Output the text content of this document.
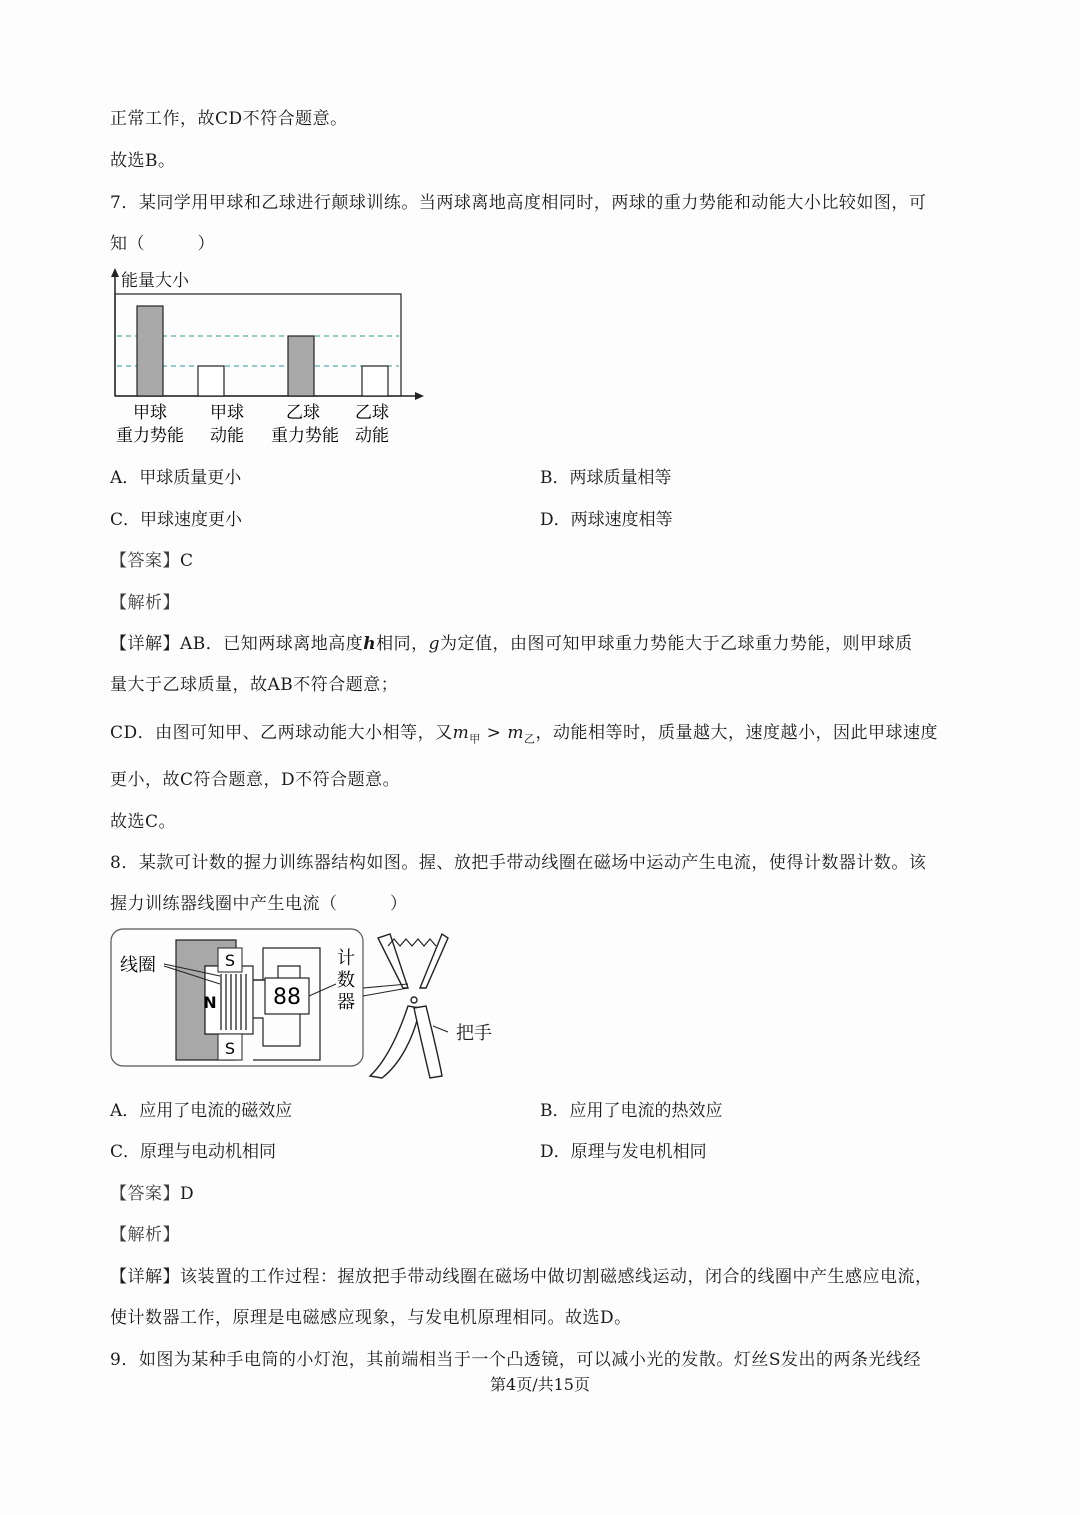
正常工作，故CD不符合题意。
故选B。
7．某同学用甲球和乙球进行颠球训练。当两球离地高度相同时，两球的重力势能和动能大小比较如图，可
知（　　　）
能量大小
甲球
重力势能
甲球
动能
乙球
重力势能
乙球
动能
A．甲球质量更小	B．两球质量相等
C．甲球速度更小	D．两球速度相等
【答案】C
【解析】
【详解】AB．已知两球离地高度h相同，g为定值，由图可知甲球重力势能大于乙球重力势能，则甲球质
量大于乙球质量，故AB不符合题意；
CD．由图可知甲、乙两球动能大小相等，又$m_甲 > m_乙$，动能相等时，质量越大，速度越小，因此甲球速度
更小，故C符合题意，D不符合题意。
故选C。
8．某款可计数的握力训练器结构如图。握、放把手带动线圈在磁场中运动产生电流，使得计数器计数。该
握力训练器线圈中产生电流（　　　）
S
N
S
线圈
88
计
数
器
把手
A．应用了电流的磁效应	B．应用了电流的热效应
C．原理与电动机相同	D．原理与发电机相同
【答案】D
【解析】
【详解】该装置的工作过程：握放把手带动线圈在磁场中做切割磁感线运动，闭合的线圈中产生感应电流，
使计数器工作，原理是电磁感应现象，与发电机原理相同。故选D。
9．如图为某种手电筒的小灯泡，其前端相当于一个凸透镜，可以减小光的发散。灯丝S发出的两条光线经
第4页/共15页
